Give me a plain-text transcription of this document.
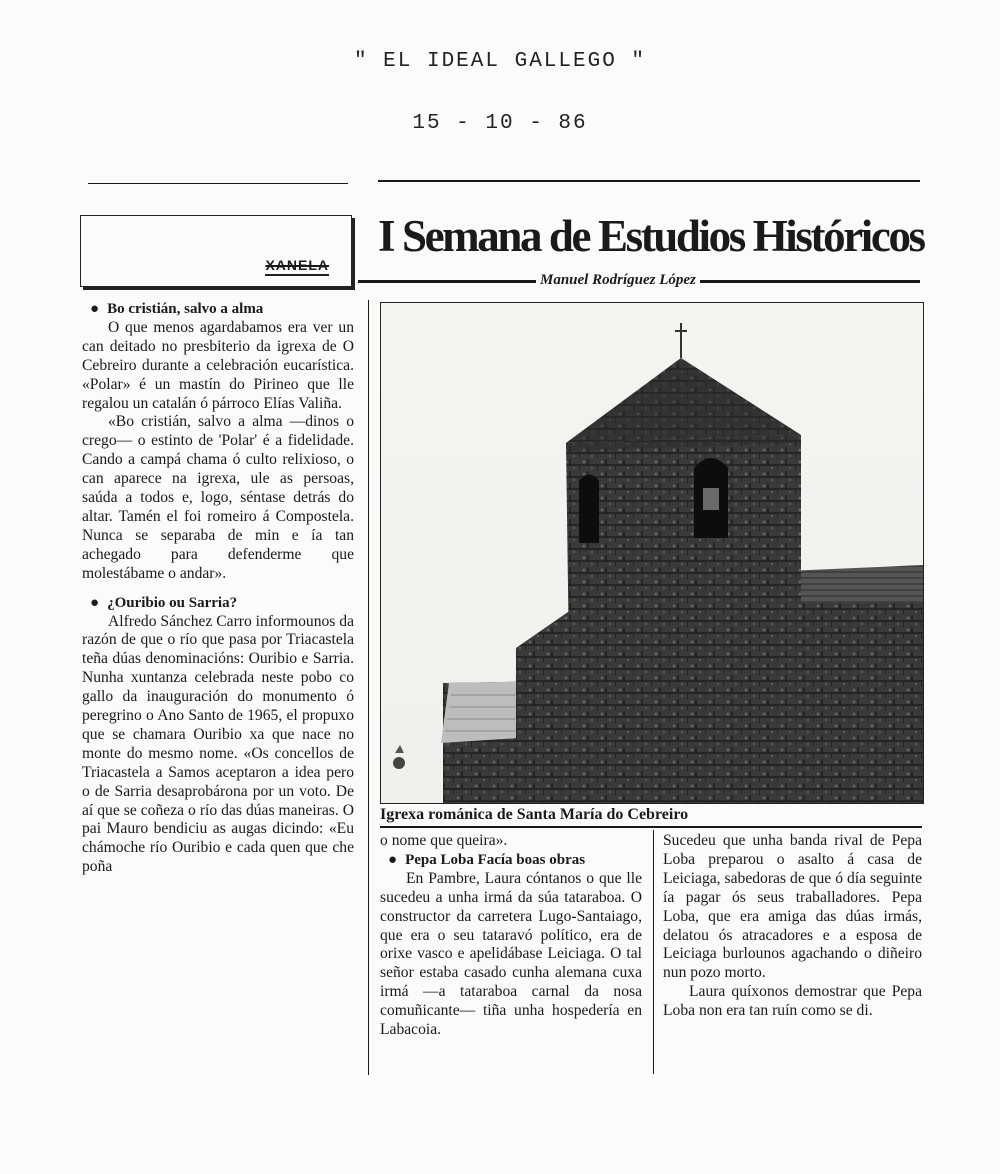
" EL IDEAL GALLEGO "
15 - 10 - 86
XANELA
I Semana de Estudios Históricos
Manuel Rodríguez López

● Bo cristián, salvo a alma

O que menos agardabamos era ver un can deitado no presbiterio da igrexa de O Cebreiro durante a celebración eucarística. «Polar» é un mastín do Pirineo que lle regalou un catalán ó párroco Elías Valiña.

«Bo cristián, salvo a alma —dinos o crego— o estinto de 'Polar' é a fidelidade. Cando a campá chama ó culto relixioso, o can aparece na igrexa, ule as persoas, saúda a todos e, logo, séntase detrás do altar. Tamén el foi romeiro á Compostela. Nunca se separaba de min e ía tan achegado para defenderme que molestábame o andar».

● ¿Ouribio ou Sarria?

Alfredo Sánchez Carro informounos da razón de que o río que pasa por Triacastela teña dúas denominacións: Ouribio e Sarria. Nunha xuntanza celebrada neste pobo co gallo da inauguración do monumento ó peregrino o Ano Santo de 1965, el propuxo que se chamara Ouribio xa que nace no monte do mesmo nome. «Os concellos de Triacastela a Samos aceptaron a idea pero o de Sarria desaprobárona por un voto. De aí que se coñeza o río das dúas maneiras. O pai Mauro bendiciu as augas dicindo: «Eu chámoche río Ouribio e cada quen que che poña

Igrexa románica de Santa María do Cebreiro

o nome que queira».

● Pepa Loba Facía boas obras

En Pambre, Laura cóntanos o que lle sucedeu a unha irmá da súa tataraboa. O constructor da carretera Lugo-Santaiago, que era o seu tataravó político, era de orixe vasco e apelidábase Leiciaga. O tal señor estaba casado cunha alemana cuxa irmá —a tataraboa carnal da nosa comuñicante— tiña unha hospedería en Labacoia.

Sucedeu que unha banda rival de Pepa Loba preparou o asalto á casa de Leiciaga, sabedoras de que ó día seguinte ía pagar ós seus traballadores. Pepa Loba, que era amiga das dúas irmás, delatou ós atracadores e a esposa de Leiciaga burlounos agachando o diñeiro nun pozo morto.

Laura quíxonos demostrar que Pepa Loba non era tan ruín como se di.
